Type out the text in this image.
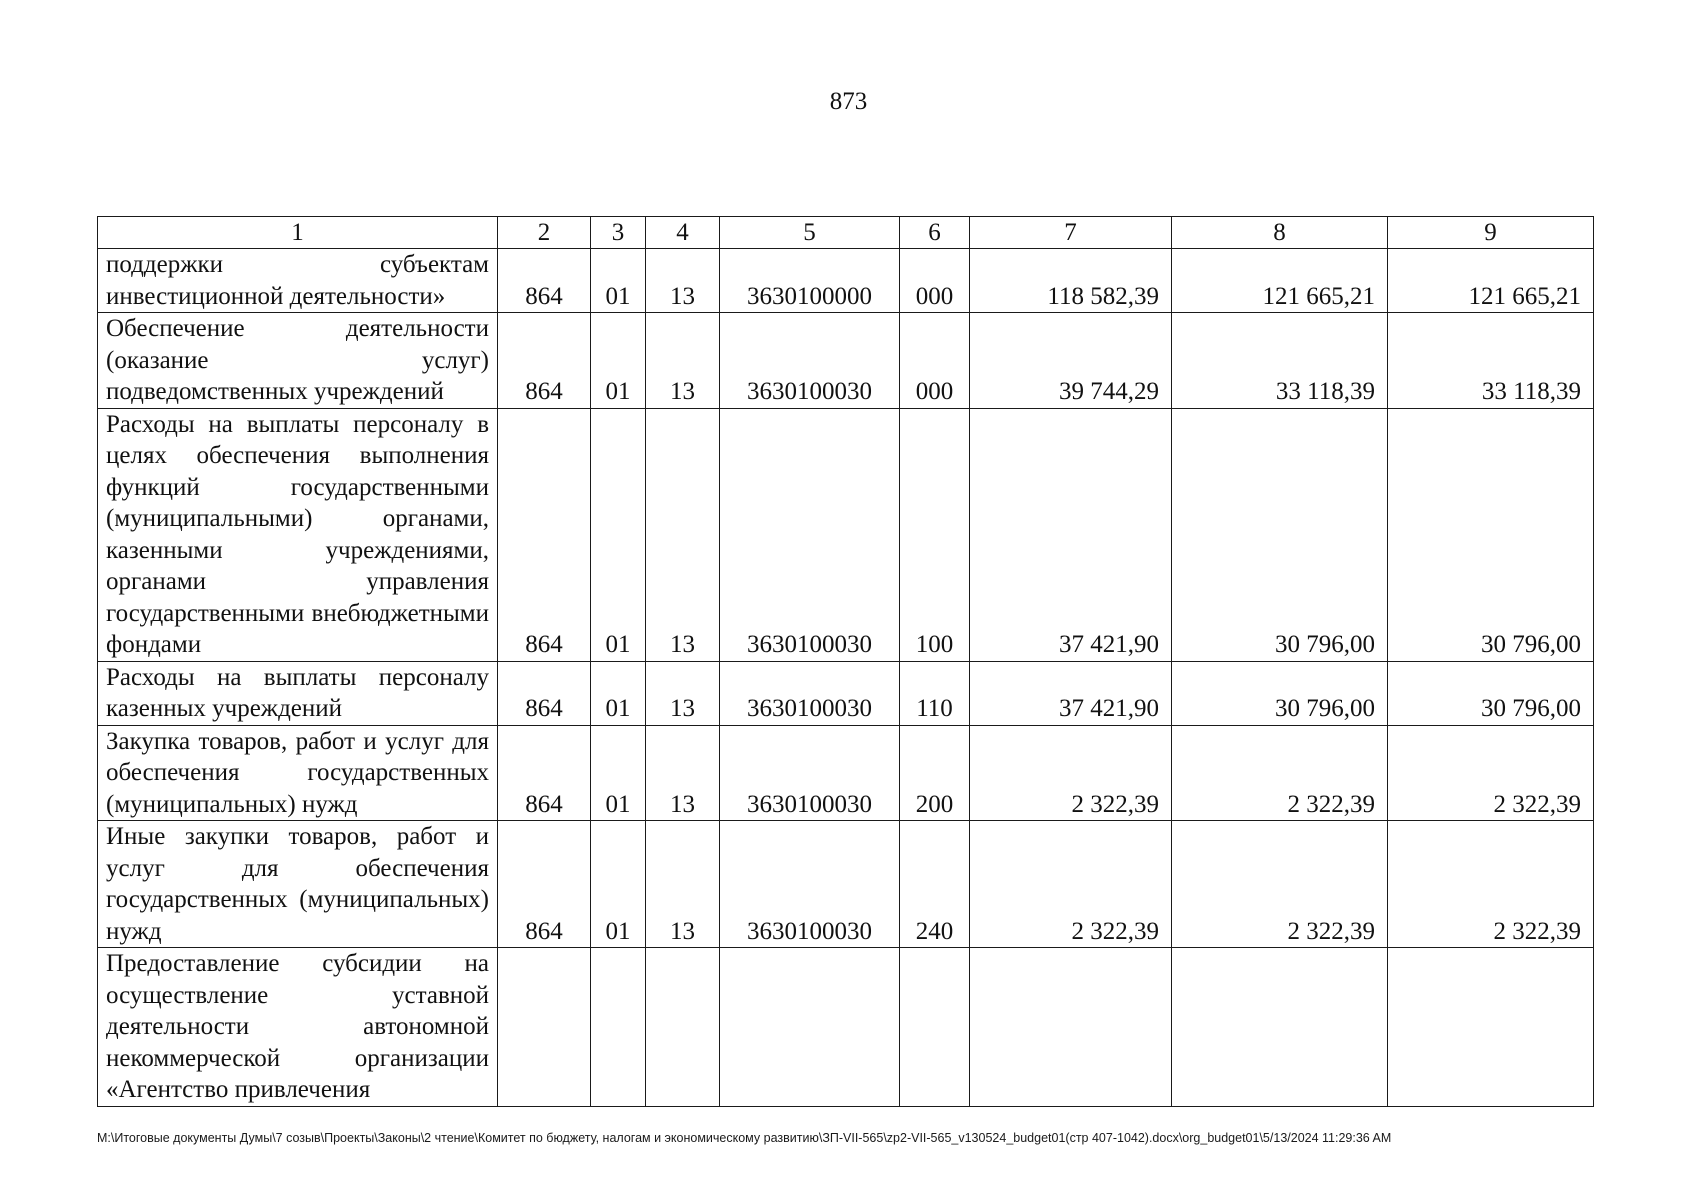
873
1	2	3	4	5	6	7	8	9
поддержки субъектам инвестиционной деятельности»	864	01	13	3630100000	000	118 582,39	121 665,21	121 665,21
Обеспечение деятельности (оказание услуг) подведомственных учреждений	864	01	13	3630100030	000	39 744,29	33 118,39	33 118,39
Расходы на выплаты персоналу в целях обеспечения выполнения функций государственными (муниципальными) органами, казенными учреждениями, органами управления государственными внебюджетными фондами	864	01	13	3630100030	100	37 421,90	30 796,00	30 796,00
Расходы на выплаты персоналу казенных учреждений	864	01	13	3630100030	110	37 421,90	30 796,00	30 796,00
Закупка товаров, работ и услуг для обеспечения государственных (муниципальных) нужд	864	01	13	3630100030	200	2 322,39	2 322,39	2 322,39
Иные закупки товаров, работ и услуг для обеспечения государственных (муниципальных) нужд	864	01	13	3630100030	240	2 322,39	2 322,39	2 322,39
Предоставление субсидии на осуществление уставной деятельности автономной некоммерческой организации «Агентство привлечения								
M:\Итоговые документы Думы\7 созыв\Проекты\Законы\2 чтение\Комитет по бюджету, налогам и экономическому развитию\ЗП-VII-565\zp2-VII-565_v130524_budget01(стр 407-1042).docx\org_budget01\5/13/2024 11:29:36 AM
